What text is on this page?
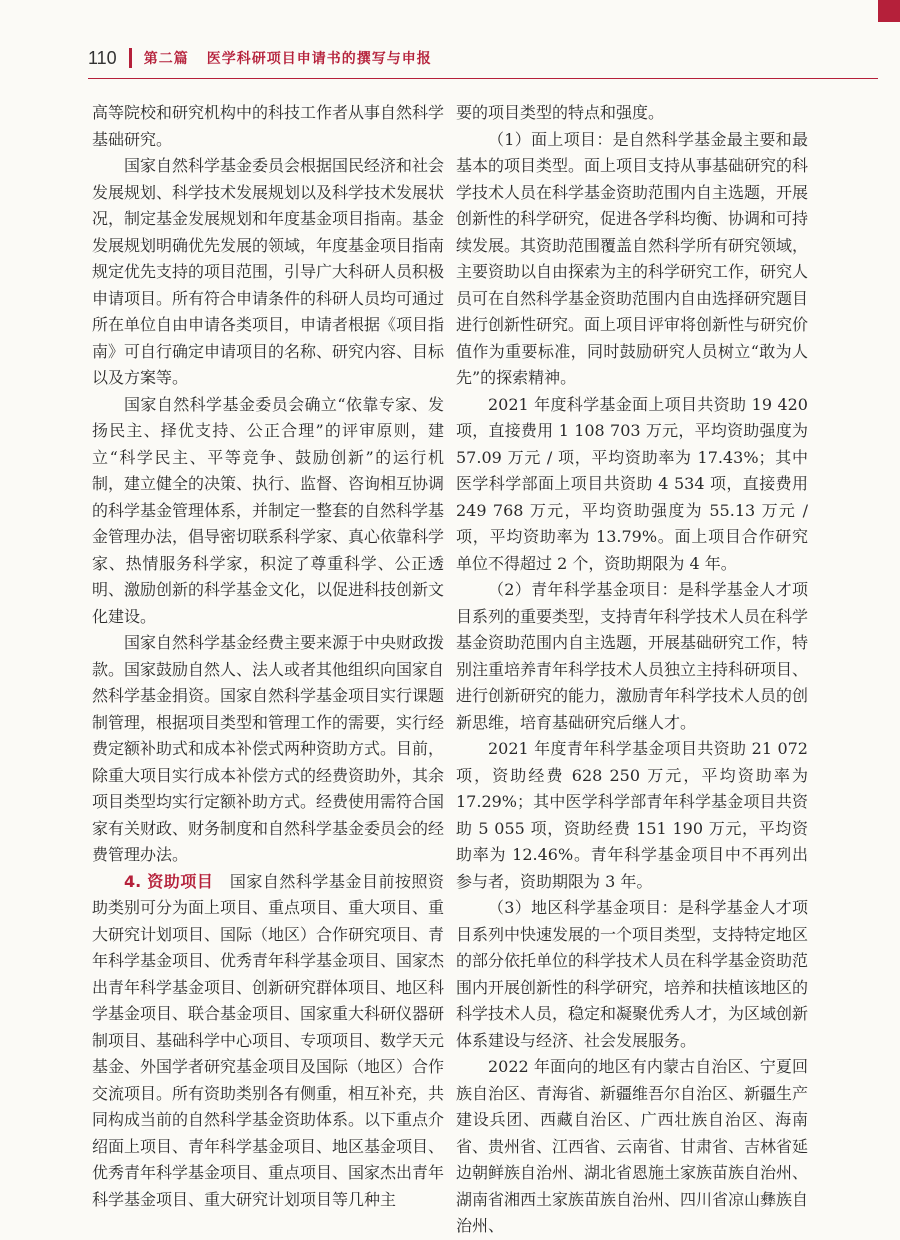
110 第二篇 医学科研项目申请书的撰写与申报

高等院校和研究机构中的科技工作者从事自然科学基础研究。

国家自然科学基金委员会根据国民经济和社会发展规划、科学技术发展规划以及科学技术发展状况，制定基金发展规划和年度基金项目指南。基金发展规划明确优先发展的领域，年度基金项目指南规定优先支持的项目范围，引导广大科研人员积极申请项目。所有符合申请条件的科研人员均可通过所在单位自由申请各类项目，申请者根据《项目指南》可自行确定申请项目的名称、研究内容、目标以及方案等。

国家自然科学基金委员会确立“依靠专家、发扬民主、择优支持、公正合理”的评审原则，建立“科学民主、平等竞争、鼓励创新”的运行机制，建立健全的决策、执行、监督、咨询相互协调的科学基金管理体系，并制定一整套的自然科学基金管理办法，倡导密切联系科学家、真心依靠科学家、热情服务科学家，积淀了尊重科学、公正透明、激励创新的科学基金文化，以促进科技创新文化建设。

国家自然科学基金经费主要来源于中央财政拨款。国家鼓励自然人、法人或者其他组织向国家自然科学基金捐资。国家自然科学基金项目实行课题制管理，根据项目类型和管理工作的需要，实行经费定额补助式和成本补偿式两种资助方式。目前，除重大项目实行成本补偿方式的经费资助外，其余项目类型均实行定额补助方式。经费使用需符合国家有关财政、财务制度和自然科学基金委员会的经费管理办法。

4. 资助项目　国家自然科学基金目前按照资助类别可分为面上项目、重点项目、重大项目、重大研究计划项目、国际（地区）合作研究项目、青年科学基金项目、优秀青年科学基金项目、国家杰出青年科学基金项目、创新研究群体项目、地区科学基金项目、联合基金项目、国家重大科研仪器研制项目、基础科学中心项目、专项项目、数学天元基金、外国学者研究基金项目及国际（地区）合作交流项目。所有资助类别各有侧重，相互补充，共同构成当前的自然科学基金资助体系。以下重点介绍面上项目、青年科学基金项目、地区基金项目、优秀青年科学基金项目、重点项目、国家杰出青年科学基金项目、重大研究计划项目等几种主

要的项目类型的特点和强度。

（1）面上项目：是自然科学基金最主要和最基本的项目类型。面上项目支持从事基础研究的科学技术人员在科学基金资助范围内自主选题，开展创新性的科学研究，促进各学科均衡、协调和可持续发展。其资助范围覆盖自然科学所有研究领域，主要资助以自由探索为主的科学研究工作，研究人员可在自然科学基金资助范围内自由选择研究题目进行创新性研究。面上项目评审将创新性与研究价值作为重要标准，同时鼓励研究人员树立“敢为人先”的探索精神。

2021 年度科学基金面上项目共资助 19 420 项，直接费用 1 108 703 万元，平均资助强度为 57.09 万元 / 项，平均资助率为 17.43%；其中医学科学部面上项目共资助 4 534 项，直接费用 249 768 万元，平均资助强度为 55.13 万元 / 项，平均资助率为 13.79%。面上项目合作研究单位不得超过 2 个，资助期限为 4 年。

（2）青年科学基金项目：是科学基金人才项目系列的重要类型，支持青年科学技术人员在科学基金资助范围内自主选题，开展基础研究工作，特别注重培养青年科学技术人员独立主持科研项目、进行创新研究的能力，激励青年科学技术人员的创新思维，培育基础研究后继人才。

2021 年度青年科学基金项目共资助 21 072 项，资助经费 628 250 万元，平均资助率为 17.29%；其中医学科学部青年科学基金项目共资助 5 055 项，资助经费 151 190 万元，平均资助率为 12.46%。青年科学基金项目中不再列出参与者，资助期限为 3 年。

（3）地区科学基金项目：是科学基金人才项目系列中快速发展的一个项目类型，支持特定地区的部分依托单位的科学技术人员在科学基金资助范围内开展创新性的科学研究，培养和扶植该地区的科学技术人员，稳定和凝聚优秀人才，为区域创新体系建设与经济、社会发展服务。

2022 年面向的地区有内蒙古自治区、宁夏回族自治区、青海省、新疆维吾尔自治区、新疆生产建设兵团、西藏自治区、广西壮族自治区、海南省、贵州省、江西省、云南省、甘肃省、吉林省延边朝鲜族自治州、湖北省恩施土家族苗族自治州、湖南省湘西土家族苗族自治州、四川省凉山彝族自治州、
